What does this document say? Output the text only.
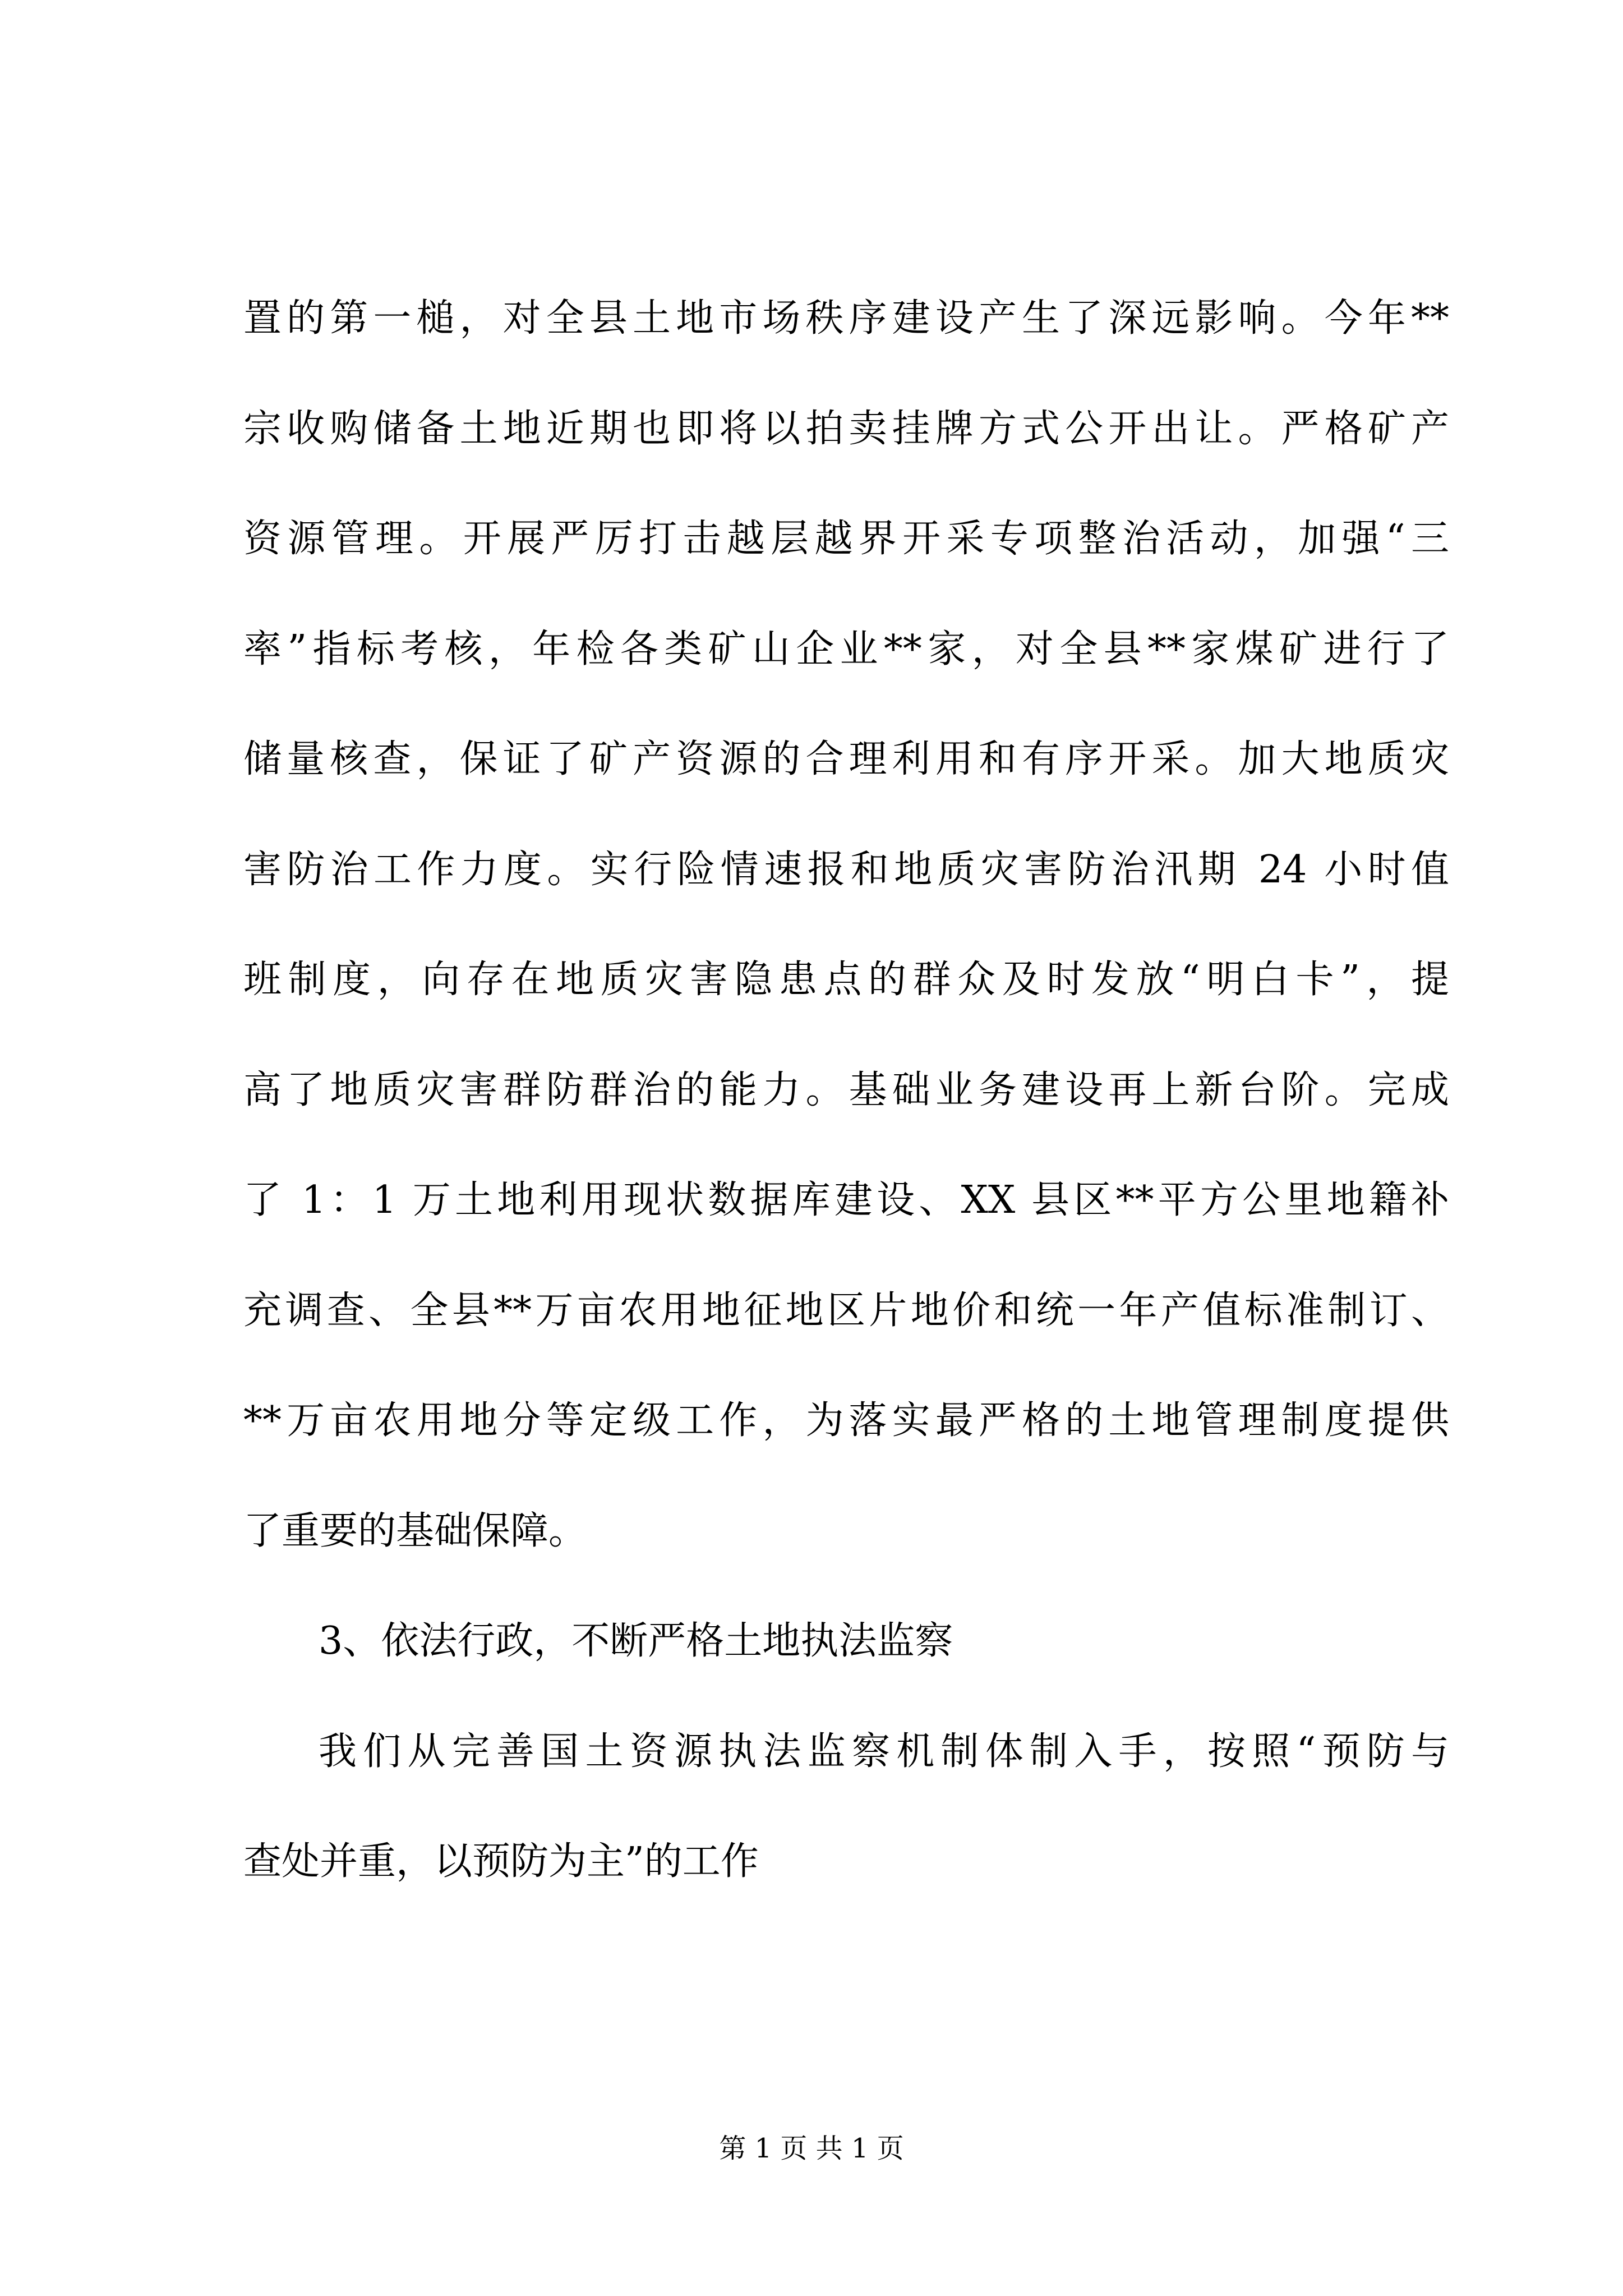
置的第一槌，对全县土地市场秩序建设产生了深远影响。今年**
宗收购储备土地近期也即将以拍卖挂牌方式公开出让。严格矿产
资源管理。开展严厉打击越层越界开采专项整治活动，加强“三
率”指标考核，年检各类矿山企业**家，对全县**家煤矿进行了
储量核查，保证了矿产资源的合理利用和有序开采。加大地质灾
害防治工作力度。实行险情速报和地质灾害防治汛期 24 小时值
班制度，向存在地质灾害隐患点的群众及时发放“明白卡”，提
高了地质灾害群防群治的能力。基础业务建设再上新台阶。完成
了 1：1 万土地利用现状数据库建设、XX 县区**平方公里地籍补
充调查、全县**万亩农用地征地区片地价和统一年产值标准制订、
**万亩农用地分等定级工作，为落实最严格的土地管理制度提供
了重要的基础保障。
3、依法行政，不断严格土地执法监察
我们从完善国土资源执法监察机制体制入手，按照“预防与
查处并重，以预防为主”的工作
第 1 页 共 1 页
